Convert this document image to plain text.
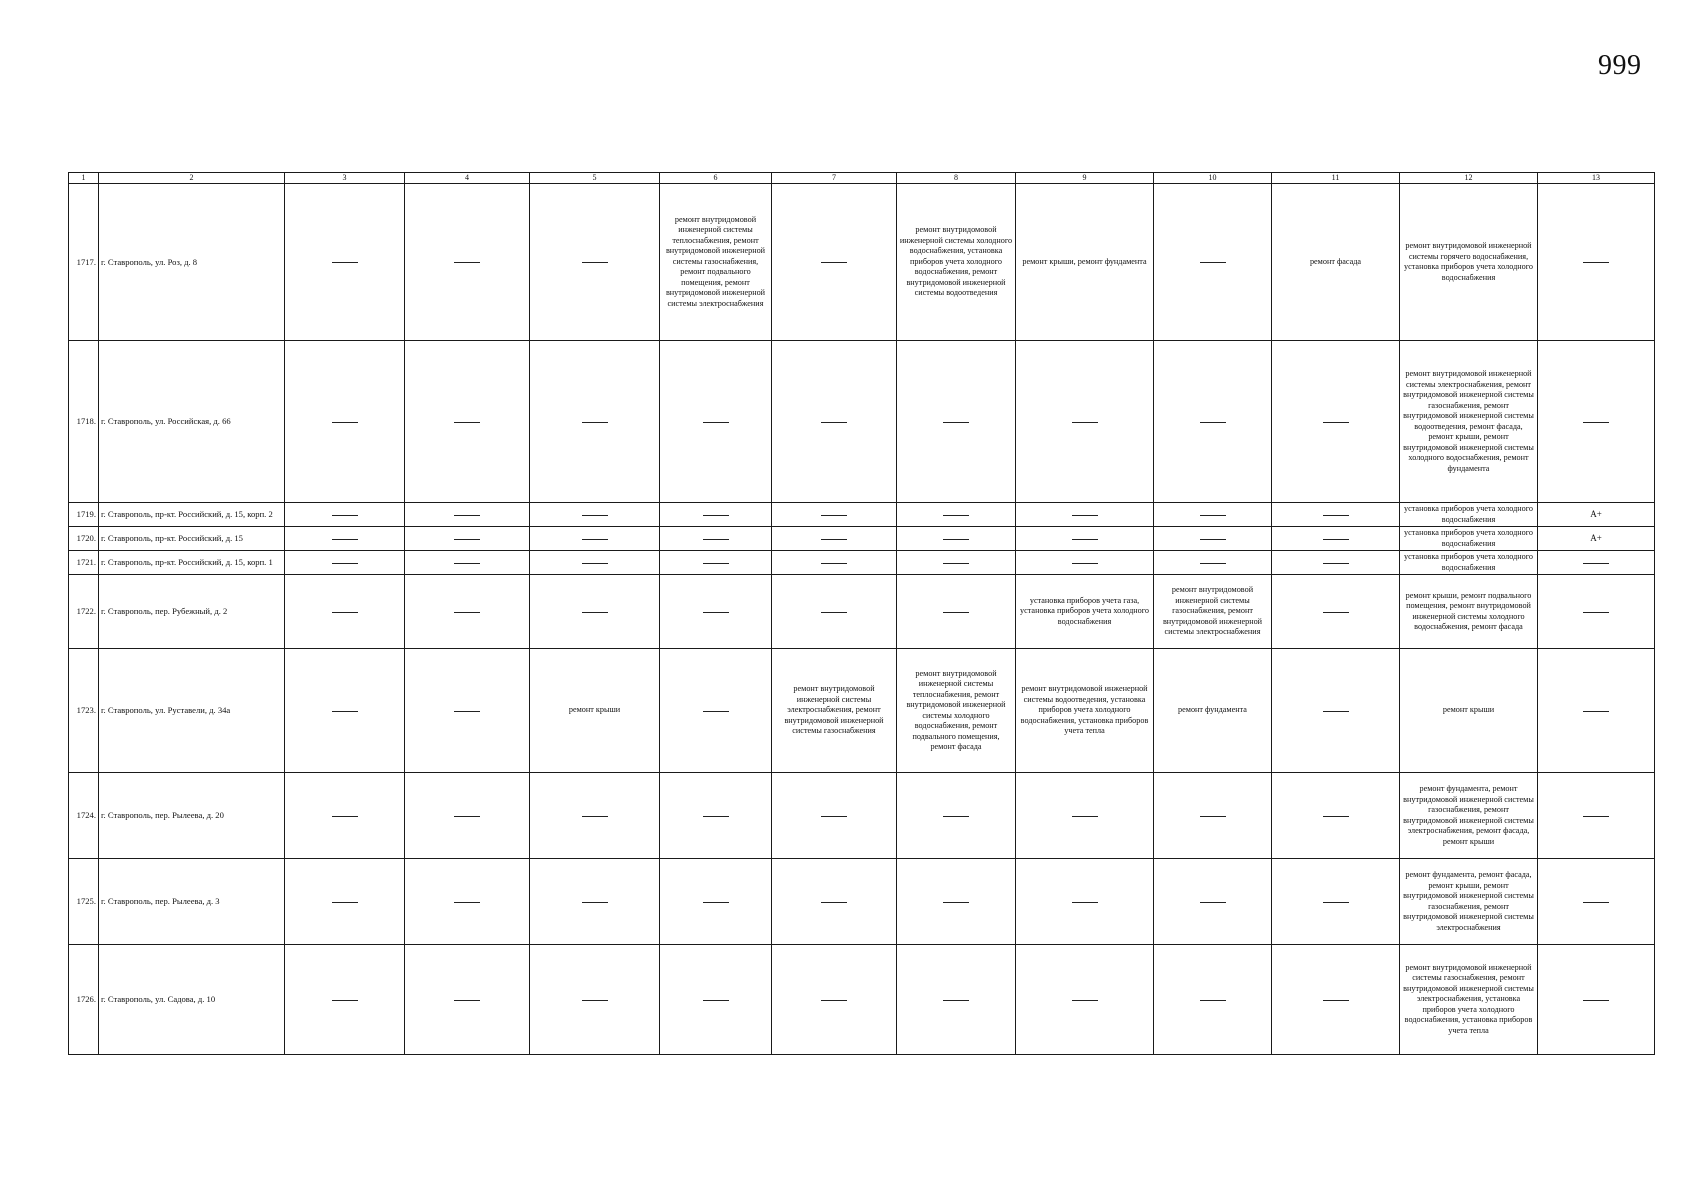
999
1	2	3	4	5	6	7	8	9	10	11	12	13
1717.	г. Ставрополь, ул. Роз, д. 8				ремонт внутридомовой инженерной системы теплоснабжения, ремонт внутридомовой инженерной системы газоснабжения, ремонт подвального помещения, ремонт внутридомовой инженерной системы электроснабжения		ремонт внутридомовой инженерной системы холодного водоснабжения, установка приборов учета холодного водоснабжения, ремонт внутридомовой инженерной системы водоотведения	ремонт крыши, ремонт фундамента		ремонт фасада	ремонт внутридомовой инженерной системы горячего водоснабжения, установка приборов учета холодного водоснабжения	
1718.	г. Ставрополь, ул. Российская, д. 66										ремонт внутридомовой инженерной системы электроснабжения, ремонт внутридомовой инженерной системы газоснабжения, ремонт внутридомовой инженерной системы водоотведения, ремонт фасада, ремонт крыши, ремонт внутридомовой инженерной системы холодного водоснабжения, ремонт фундамента	
1719.	г. Ставрополь, пр-кт. Российский, д. 15, корп. 2										установка приборов учета холодного водоснабжения	А+
1720.	г. Ставрополь, пр-кт. Российский, д. 15										установка приборов учета холодного водоснабжения	А+
1721.	г. Ставрополь, пр-кт. Российский, д. 15, корп. 1										установка приборов учета холодного водоснабжения	
1722.	г. Ставрополь, пер. Рубежный, д. 2							установка приборов учета газа, установка приборов учета холодного водоснабжения	ремонт внутридомовой инженерной системы газоснабжения, ремонт внутридомовой инженерной системы электроснабжения		ремонт крыши, ремонт подвального помещения, ремонт внутридомовой инженерной системы холодного водоснабжения, ремонт фасада	
1723.	г. Ставрополь, ул. Руставели, д. 34а			ремонт крыши		ремонт внутридомовой инженерной системы электроснабжения, ремонт внутридомовой инженерной системы газоснабжения	ремонт внутридомовой инженерной системы теплоснабжения, ремонт внутридомовой инженерной системы холодного водоснабжения, ремонт подвального помещения, ремонт фасада	ремонт внутридомовой инженерной системы водоотведения, установка приборов учета холодного водоснабжения, установка приборов учета тепла	ремонт фундамента		ремонт крыши	
1724.	г. Ставрополь, пер. Рылеева, д. 20										ремонт фундамента, ремонт внутридомовой инженерной системы газоснабжения, ремонт внутридомовой инженерной системы электроснабжения, ремонт фасада, ремонт крыши	
1725.	г. Ставрополь, пер. Рылеева, д. 3										ремонт фундамента, ремонт фасада, ремонт крыши, ремонт внутридомовой инженерной системы газоснабжения, ремонт внутридомовой инженерной системы электроснабжения	
1726.	г. Ставрополь, ул. Садова, д. 10										ремонт внутридомовой инженерной системы газоснабжения, ремонт внутридомовой инженерной системы электроснабжения, установка приборов учета холодного водоснабжения, установка приборов учета тепла	
